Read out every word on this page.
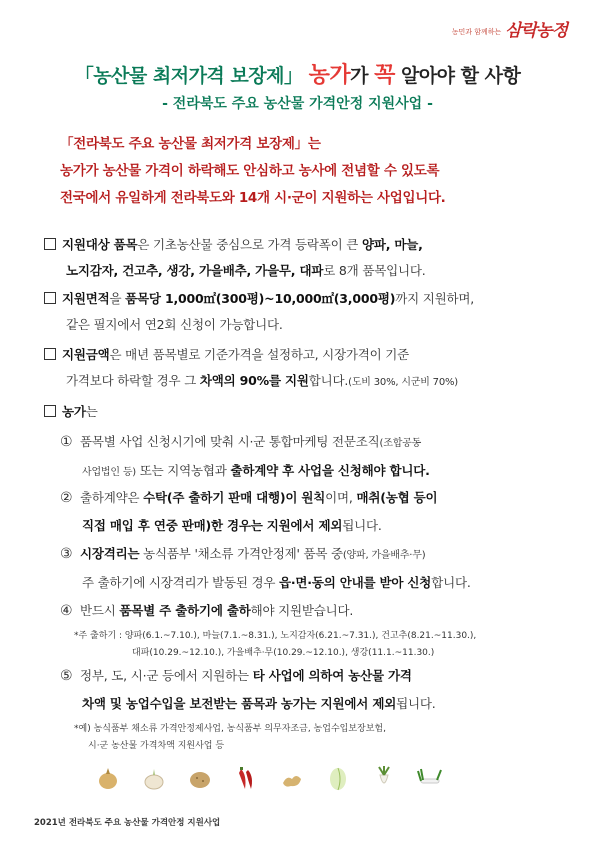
농민과 함께하는 삼락농정
「농산물 최저가격 보장제」 농가가 꼭 알아야 할 사항
- 전라북도 주요 농산물 가격안정 지원사업 -
「전라북도 주요 농산물 최저가격 보장제」는
농가가 농산물 가격이 하락해도 안심하고 농사에 전념할 수 있도록
전국에서 유일하게 전라북도와 14개 시·군이 지원하는 사업입니다.
지원대상 품목은 기초농산물 중심으로 가격 등락폭이 큰 양파, 마늘,
노지감자, 건고추, 생강, 가을배추, 가을무, 대파로 8개 품목입니다.
지원면적을 품목당 1,000㎡(300평)~10,000㎡(3,000평)까지 지원하며,
같은 필지에서 연2회 신청이 가능합니다.
지원금액은 매년 품목별로 기준가격을 설정하고, 시장가격이 기준
가격보다 하락할 경우 그 차액의 90%를 지원합니다.(도비 30%, 시군비 70%)
농가는
① 품목별 사업 신청시기에 맞춰 시·군 통합마케팅 전문조직(조합공동
사업법인 등) 또는 지역농협과 출하계약 후 사업을 신청해야 합니다.
② 출하계약은 수탁(주 출하기 판매 대행)이 원칙이며, 매취(농협 등이
직접 매입 후 연중 판매)한 경우는 지원에서 제외됩니다.
③ 시장격리는 농식품부 '채소류 가격안정제' 품목 중(양파, 가을배추·무)
주 출하기에 시장격리가 발동된 경우 읍·면·동의 안내를 받아 신청합니다.
④ 반드시 품목별 주 출하기에 출하해야 지원받습니다.
*주 출하기 : 양파(6.1.~7.10.), 마늘(7.1.~8.31.), 노지감자(6.21.~7.31.), 건고추(8.21.~11.30.),
대파(10.29.~12.10.), 가을배추·무(10.29.~12.10.), 생강(11.1.~11.30.)
⑤ 정부, 도, 시·군 등에서 지원하는 타 사업에 의하여 농산물 가격
차액 및 농업수입을 보전받는 품목과 농가는 지원에서 제외됩니다.
*예) 농식품부 채소류 가격안정제사업, 농식품부 의무자조금, 농업수입보장보험,
시·군 농산물 가격차액 지원사업 등
2021년 전라북도 주요 농산물 가격안정 지원사업
